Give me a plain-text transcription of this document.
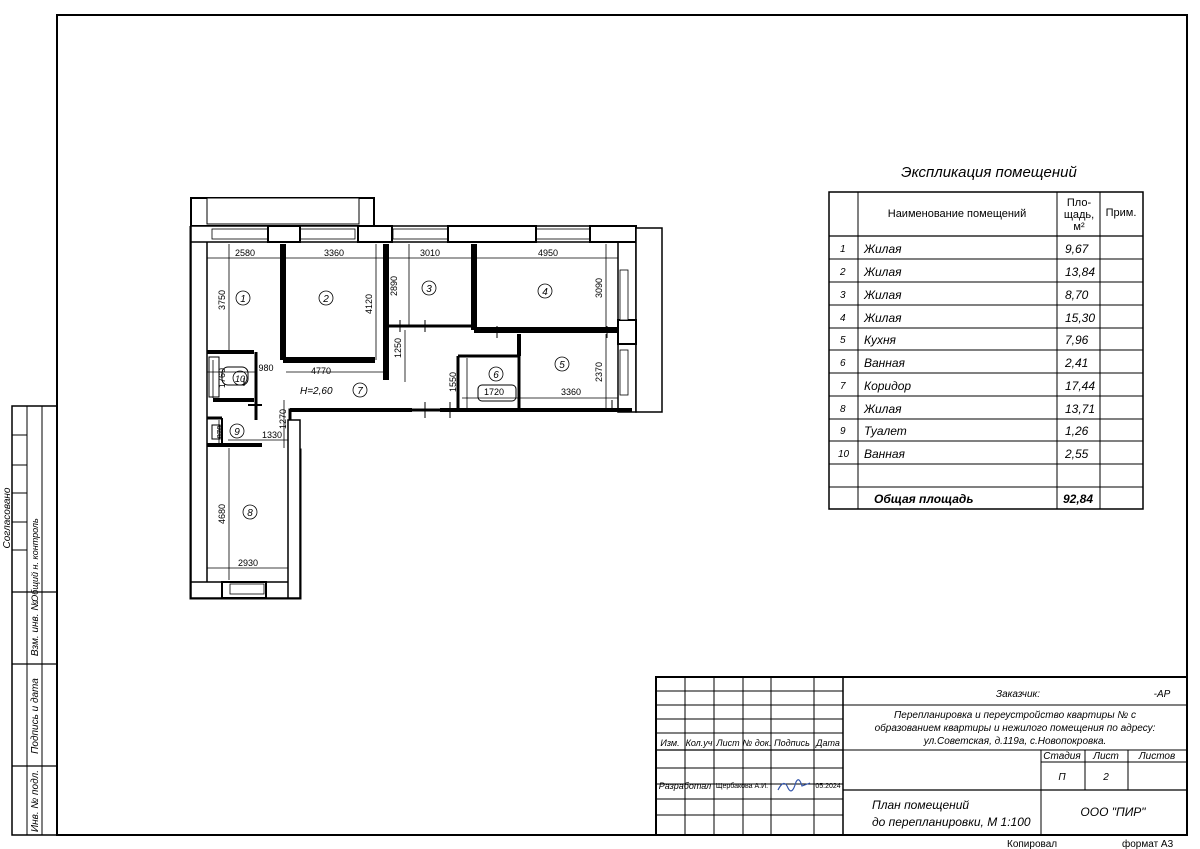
2580	3360	3010	4950
3750	4120
2890	3090
1250
4770
980
1760	1550	1720	3360
2370
1330
870
1270
4680
2930
1	2
3	4
5
6
7
8
9
10
H=2,60
Экспликация помещений
Наименование помещений
Пло-
щадь,
м²
Прим.
1 Жилая	9,67
2 Жилая	13,84
3 Жилая	8,70
4 Жилая	15,30
5 Кухня	7,96
6 Ванная	2,41
7 Коридор	17,44
8 Жилая	13,71
9 Туалет	1,26
10 Ванная	2,55
Общая площадь	92,84
Согласовано
Общий н. контроль
Взм. инв. №
Подпись и дата
Инв. № подл.
Изм. Кол.уч Лист № док. Подпись Дата
Разработал Щербакова А.И.	05.2024
Заказчик:	-АР
Перепланировка и переустройство квартиры № с
образованием квартиры и нежилого помещения по адресу:
ул.Советская, д.119а, с.Новопокровка.
Стадия Лист Листов
П	2
План помещений
до перепланировки, М 1:100
ООО "ПИР"
Копировал	формат А3
